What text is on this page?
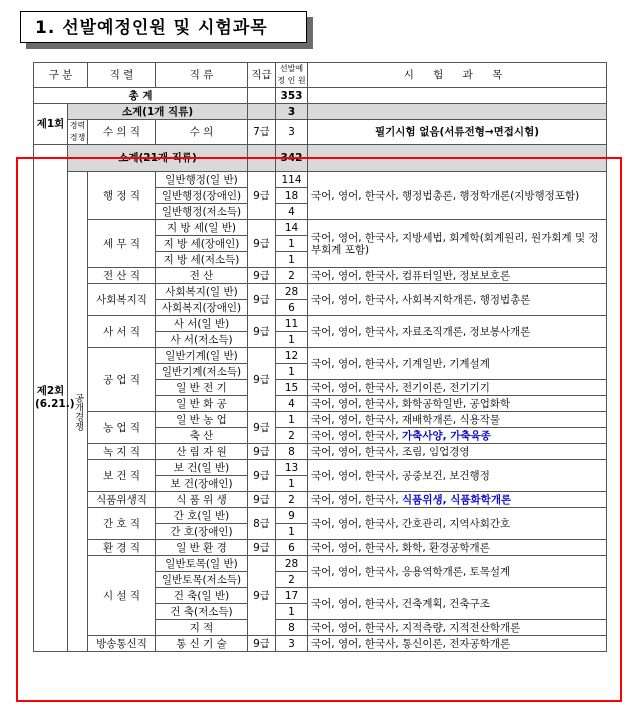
1. 선발예정인원 및 시험과목
구 분		직 렬	직 류	직급	선발예정 인 원	시 험 과 목
총 계					353	
제1회	소계(1개 직류)				3	
	경력경쟁	수 의 직	수 의	7급	3	필기시험 없음(서류전형→면접시험)
제2회 (6.21.)	소계(21개 직류)				342	
	공개경쟁	행 정 직	일반행정(일 반)	9급	114	국어, 영어, 한국사, 행정법총론, 행정학개론(지방행정포함)
			일반행정(장애인)		18	
			일반행정(저소득)		4	
		세 무 직	지 방 세(일 반)	9급	14	국어, 영어, 한국사, 지방세법, 회계학(회계원리, 원가회계 및 정부회계 포함)
			지 방 세(장애인)		1	
			지 방 세(저소득)		1	
		전 산 직	전 산	9급	2	국어, 영어, 한국사, 컴퓨터일반, 정보보호론
		사회복지직	사회복지(일 반)	9급	28	국어, 영어, 한국사, 사회복지학개론, 행정법총론
			사회복지(장애인)		6	
		사 서 직	사 서(일 반)	9급	11	국어, 영어, 한국사, 자료조직개론, 정보봉사개론
			사 서(저소득)		1	
		공 업 직	일반기계(일 반)	9급	12	국어, 영어, 한국사, 기계일반, 기계설계
			일반기계(저소득)		1	
			일 반 전 기		15	국어, 영어, 한국사, 전기이론, 전기기기
			일 반 화 공		4	국어, 영어, 한국사, 화학공학일반, 공업화학
		농 업 직	일 반 농 업	9급	1	국어, 영어, 한국사, 재배학개론, 식용작물
			축 산		2	국어, 영어, 한국사, 가축사양, 가축육종
		녹 지 직	산 림 자 원	9급	8	국어, 영어, 한국사, 조림, 임업경영
		보 건 직	보 건(일 반)	9급	13	국어, 영어, 한국사, 공중보건, 보건행정
			보 건(장애인)		1	
		식품위생직	식 품 위 생	9급	2	국어, 영어, 한국사, 식품위생, 식품화학개론
		간 호 직	간 호(일 반)	8급	9	국어, 영어, 한국사, 간호관리, 지역사회간호
			간 호(장애인)		1	
		환 경 직	일 반 환 경	9급	6	국어, 영어, 한국사, 화학, 환경공학개론
		시 설 직	일반토목(일 반)	9급	28	국어, 영어, 한국사, 응용역학개론, 토목설계
			일반토목(저소득)		2	
			건 축(일 반)		17	국어, 영어, 한국사, 건축계획, 건축구조
			건 축(저소득)		1	
			지 적		8	국어, 영어, 한국사, 지적측량, 지적전산학개론
		방송통신직	통 신 기 술	9급	3	국어, 영어, 한국사, 통신이론, 전자공학개론
